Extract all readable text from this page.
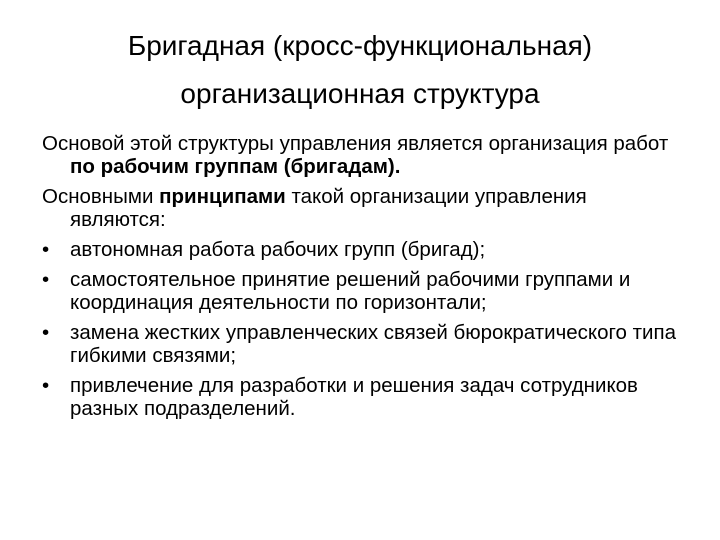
Бригадная (кросс-функциональная)
организационная структура

Основой этой структуры управления является организация работ по рабочим группам (бригадам).

Основными принципами такой организации управления являются:

•	автономная работа рабочих групп (бригад);
•	самостоятельное принятие решений рабочими группами и координация деятельности по горизонтали;
•	замена жестких управленческих связей бюрократического типа гибкими связями;
•	привлечение для разработки и решения задач сотрудников разных подразделений.
